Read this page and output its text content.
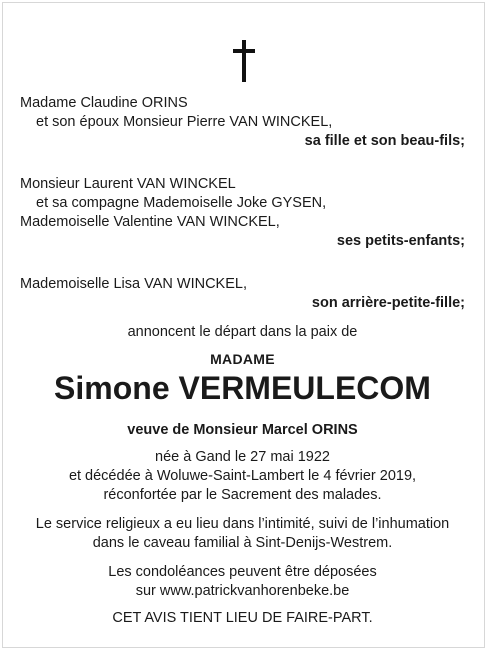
Madame Claudine ORINS
et son époux Monsieur Pierre VAN WINCKEL,
sa fille et son beau-fils;
Monsieur Laurent VAN WINCKEL
et sa compagne Mademoiselle Joke GYSEN,
Mademoiselle Valentine VAN WINCKEL,
ses petits-enfants;
Mademoiselle Lisa VAN WINCKEL,
son arrière-petite-fille;
annoncent le départ dans la paix de
MADAME
Simone VERMEULECOM
veuve de Monsieur Marcel ORINS
née à Gand le 27 mai 1922
et décédée à Woluwe-Saint-Lambert le 4 février 2019,
réconfortée par le Sacrement des malades.
Le service religieux a eu lieu dans l’intimité, suivi de l’inhumation
dans le caveau familial à Sint-Denijs-Westrem.
Les condoléances peuvent être déposées
sur www.patrickvanhorenbeke.be
CET AVIS TIENT LIEU DE FAIRE-PART.
